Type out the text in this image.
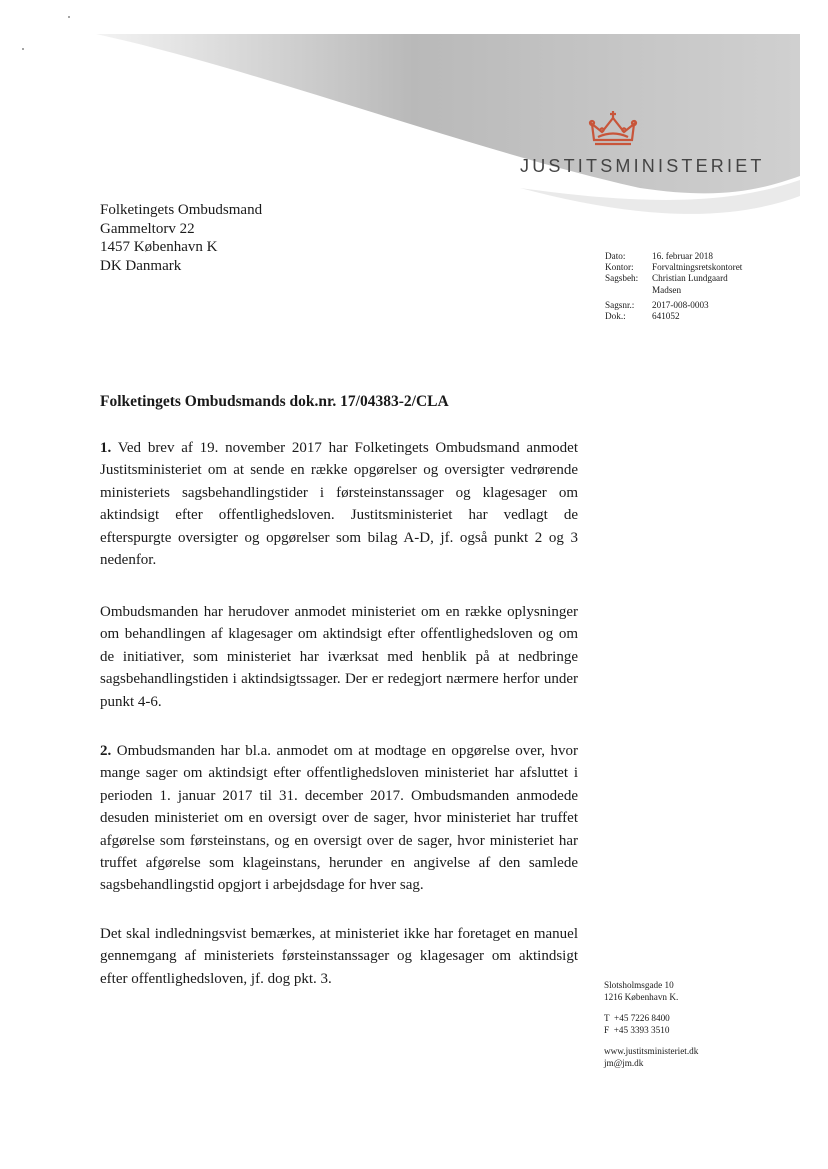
JUSTITSMINISTERIET
Folketingets Ombudsmand
Gammeltorv 22
1457 København K
DK Danmark
Dato:	16. februar 2018
Kontor:	Forvaltningsretskontoret
Sagsbeh:	Christian Lundgaard Madsen
Sagsnr.:	2017-008-0003
Dok.:	641052
Folketingets Ombudsmands dok.nr. 17/04383-2/CLA
1. Ved brev af 19. november 2017 har Folketingets Ombudsmand anmodet Justitsministeriet om at sende en række opgørelser og oversigter vedrørende ministeriets sagsbehandlingstider i førsteinstanssager og klagesager om aktindsigt efter offentlighedsloven. Justitsministeriet har vedlagt de efterspurgte oversigter og opgørelser som bilag A-D, jf. også punkt 2 og 3 nedenfor.
Ombudsmanden har herudover anmodet ministeriet om en række oplysninger om behandlingen af klagesager om aktindsigt efter offentlighedsloven og om de initiativer, som ministeriet har iværksat med henblik på at nedbringe sagsbehandlingstiden i aktindsigtssager. Der er redegjort nærmere herfor under punkt 4-6.
2. Ombudsmanden har bl.a. anmodet om at modtage en opgørelse over, hvor mange sager om aktindsigt efter offentlighedsloven ministeriet har afsluttet i perioden 1. januar 2017 til 31. december 2017. Ombudsmanden anmodede desuden ministeriet om en oversigt over de sager, hvor ministeriet har truffet afgørelse som førsteinstans, og en oversigt over de sager, hvor ministeriet har truffet afgørelse som klageinstans, herunder en angivelse af den samlede sagsbehandlingstid opgjort i arbejdsdage for hver sag.
Det skal indledningsvist bemærkes, at ministeriet ikke har foretaget en manuel gennemgang af ministeriets førsteinstanssager og klagesager om aktindsigt efter offentlighedsloven, jf. dog pkt. 3.	Slotsholmsgade 10
1216 København K.
T  +45 7226 8400
F  +45 3393 3510
www.justitsministeriet.dk
jm@jm.dk
